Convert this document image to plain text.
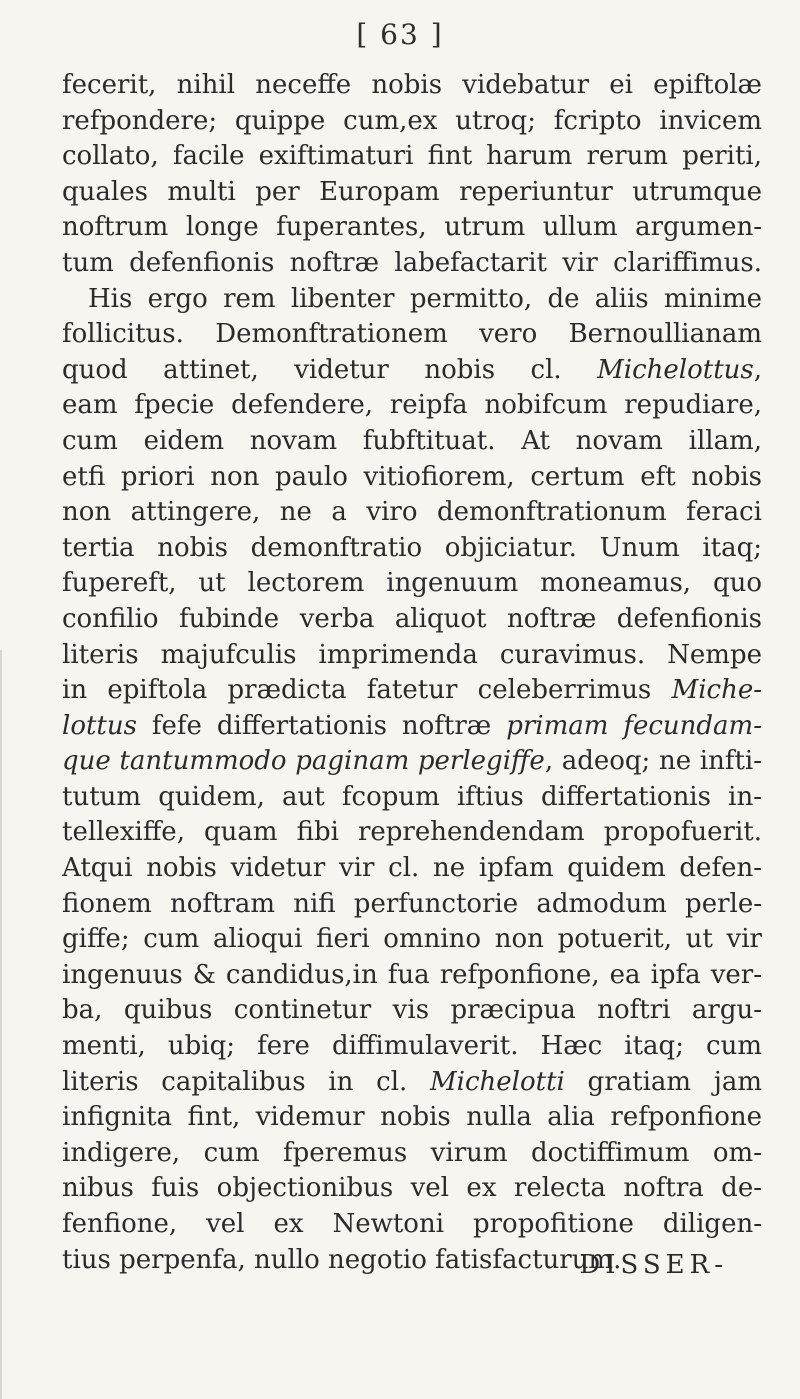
[ 63 ]
fecerit, nihil neceffe nobis videbatur ei epiftolæ
refpondere; quippe cum,ex utroq; fcripto invicem
collato, facile exiftimaturi fint harum rerum periti,
quales multi per Europam reperiuntur utrumque
noftrum longe fuperantes, utrum ullum argumen-
tum defenfionis noftræ labefactarit vir clariffimus.
His ergo rem libenter permitto, de aliis minime
follicitus. Demonftrationem vero Bernoullianam
quod attinet, videtur nobis cl. Michelottus,
eam fpecie defendere, reipfa nobifcum repudiare,
cum eidem novam fubftituat. At novam illam,
etfi priori non paulo vitiofiorem, certum eft nobis
non attingere, ne a viro demonftrationum feraci
tertia nobis demonftratio objiciatur. Unum itaq;
fupereft, ut lectorem ingenuum moneamus, quo
confilio fubinde verba aliquot noftræ defenfionis
literis majufculis imprimenda curavimus. Nempe
in epiftola prædicta fatetur celeberrimus Miche-
lottus fefe differtationis noftræ primam fecundam-
que tantummodo paginam perlegiffe, adeoq; ne infti-
tutum quidem, aut fcopum iftius differtationis in-
tellexiffe, quam fibi reprehendendam propofuerit.
Atqui nobis videtur vir cl. ne ipfam quidem defen-
fionem noftram nifi perfunctorie admodum perle-
giffe; cum alioqui fieri omnino non potuerit, ut vir
ingenuus & candidus,in fua refponfione, ea ipfa ver-
ba, quibus continetur vis præcipua noftri argu-
menti, ubiq; fere diffimulaverit. Hæc itaq; cum
literis capitalibus in cl. Michelotti gratiam jam
infignita fint, videmur nobis nulla alia refponfione
indigere, cum fperemus virum doctiffimum om-
nibus fuis objectionibus vel ex relecta noftra de-
fenfione, vel ex Newtoni propofitione diligen-
tius perpenfa, nullo negotio fatisfacturum.
DISSER-
